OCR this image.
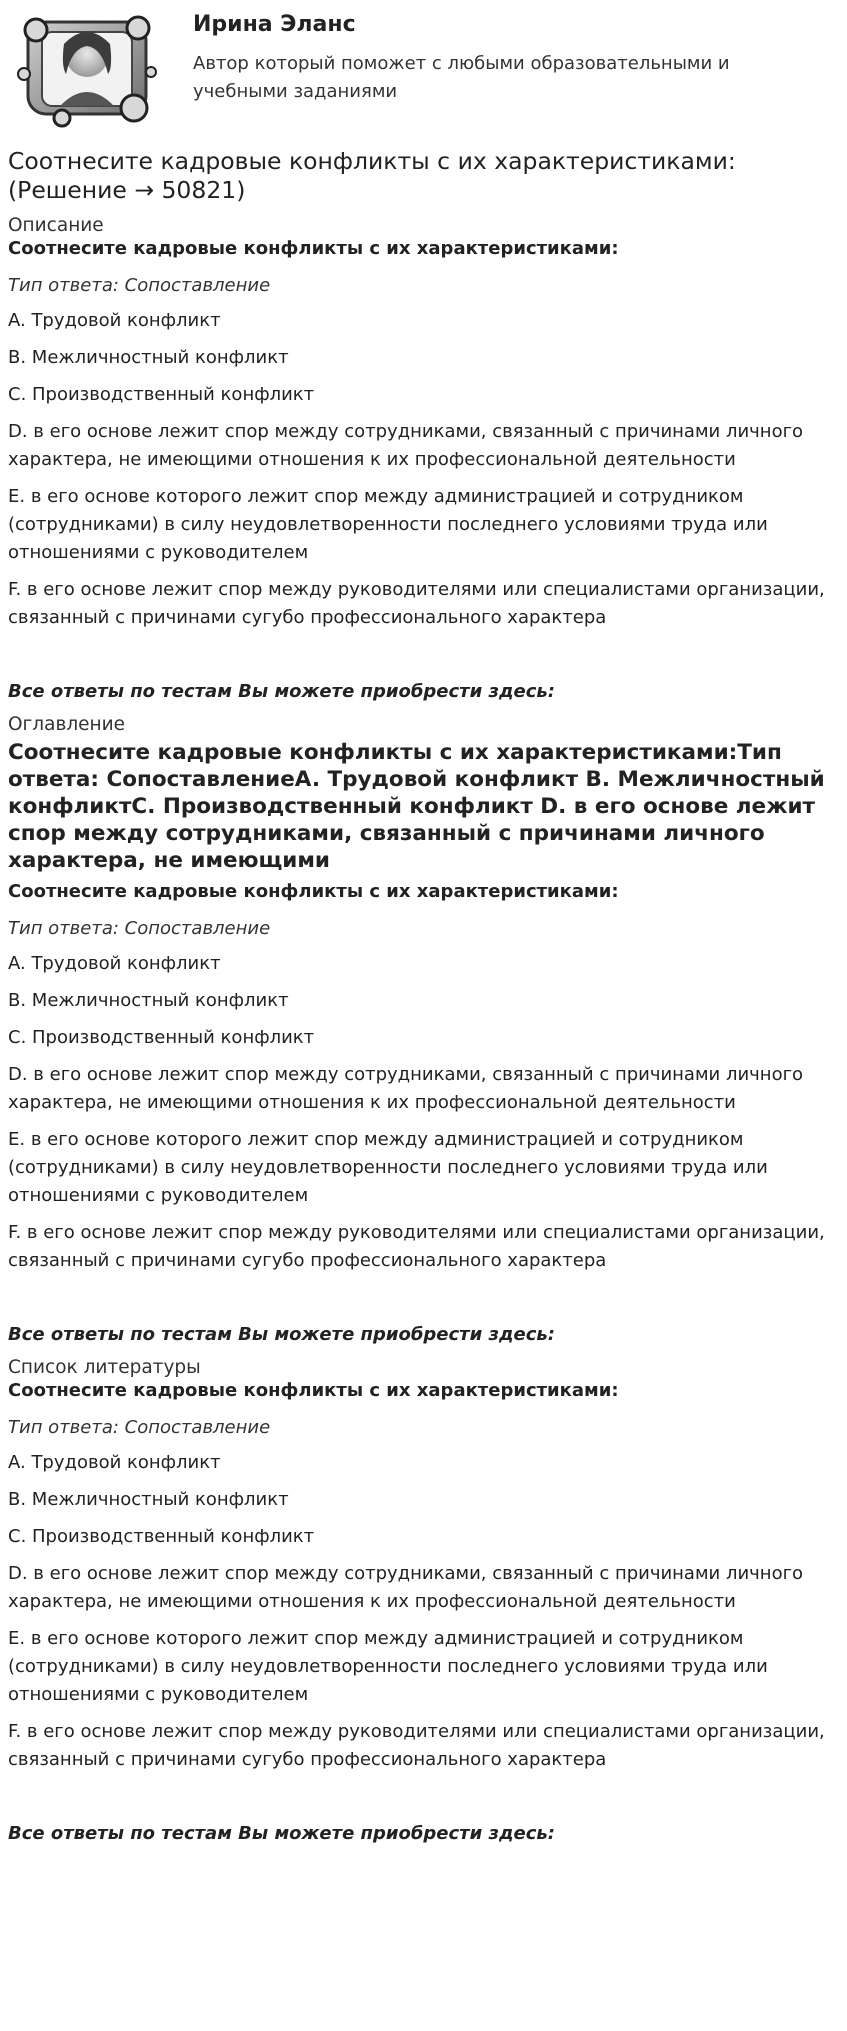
Ирина Эланс
Автор который поможет с любыми образовательными и учебными заданиями
Соотнесите кадровые конфликты с их характеристиками: (Решение → 50821)
Описание
Соотнесите кадровые конфликты с их характеристиками:
Тип ответа: Сопоставление
A. Трудовой конфликт
B. Межличностный конфликт
C. Производственный конфликт
D. в его основе лежит спор между сотрудниками, связанный с причинами личного характера, не имеющими отношения к их профессиональной деятельности
E. в его основе которого лежит спор между администрацией и сотрудником (сотрудниками) в силу неудовлетворенности последнего условиями труда или отношениями с руководителем
F. в его основе лежит спор между руководителями или специалистами организации, связанный с причинами сугубо профессионального характера
Все ответы по тестам Вы можете приобрести здесь:
Оглавление
Соотнесите кадровые конфликты с их характеристиками:Тип ответа: СопоставлениеA. Трудовой конфликт B. Межличностный конфликтC. Производственный конфликт D. в его основе лежит спор между сотрудниками, связанный с причинами личного характера, не имеющими
Соотнесите кадровые конфликты с их характеристиками:
Тип ответа: Сопоставление
A. Трудовой конфликт
B. Межличностный конфликт
C. Производственный конфликт
D. в его основе лежит спор между сотрудниками, связанный с причинами личного характера, не имеющими отношения к их профессиональной деятельности
E. в его основе которого лежит спор между администрацией и сотрудником (сотрудниками) в силу неудовлетворенности последнего условиями труда или отношениями с руководителем
F. в его основе лежит спор между руководителями или специалистами организации, связанный с причинами сугубо профессионального характера
Все ответы по тестам Вы можете приобрести здесь:
Список литературы
Соотнесите кадровые конфликты с их характеристиками:
Тип ответа: Сопоставление
A. Трудовой конфликт
B. Межличностный конфликт
C. Производственный конфликт
D. в его основе лежит спор между сотрудниками, связанный с причинами личного характера, не имеющими отношения к их профессиональной деятельности
E. в его основе которого лежит спор между администрацией и сотрудником (сотрудниками) в силу неудовлетворенности последнего условиями труда или отношениями с руководителем
F. в его основе лежит спор между руководителями или специалистами организации, связанный с причинами сугубо профессионального характера
Все ответы по тестам Вы можете приобрести здесь:
